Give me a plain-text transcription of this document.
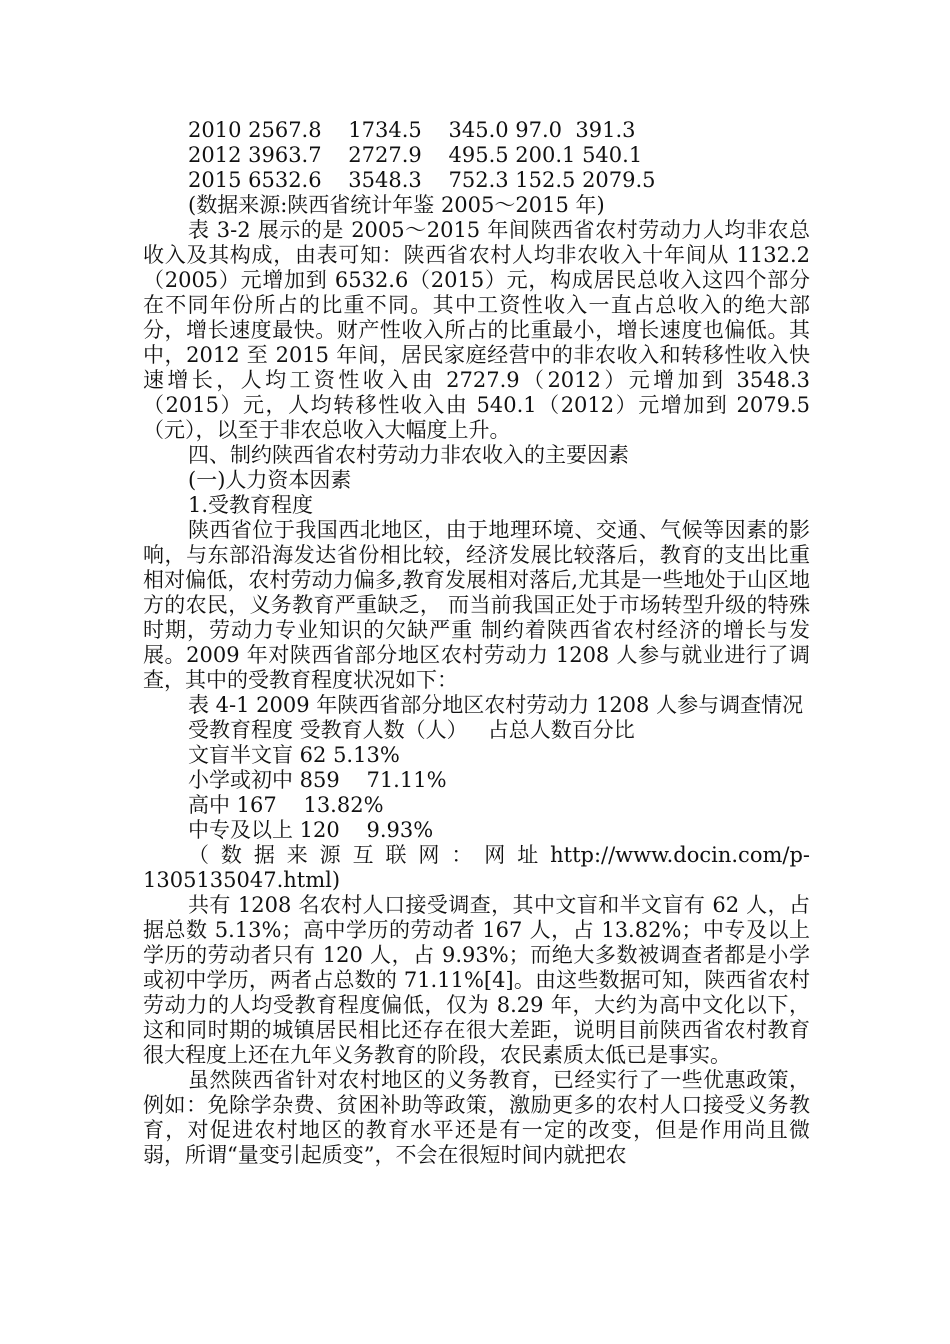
2010 2567.8    1734.5    345.0 97.0  391.3
2012 3963.7    2727.9    495.5 200.1 540.1
2015 6532.6    3548.3    752.3 152.5 2079.5
(数据来源:陕西省统计年鉴 2005～2015 年)

表 3-2 展示的是 2005～2015 年间陕西省农村劳动力人均非农总收入及其构成，由表可知：陕西省农村人均非农收入十年间从 1132.2（2005）元增加到 6532.6（2015）元，构成居民总收入这四个部分在不同年份所占的比重不同。其中工资性收入一直占总收入的绝大部分，增长速度最快。财产性收入所占的比重最小，增长速度也偏低。其中，2012 至 2015 年间，居民家庭经营中的非农收入和转移性收入快速增长，人均工资性收入由 2727.9（2012）元增加到 3548.3（2015）元，人均转移性收入由 540.1（2012）元增加到 2079.5（元），以至于非农总收入大幅度上升。

四、制约陕西省农村劳动力非农收入的主要因素
(一)人力资本因素
1.受教育程度

陕西省位于我国西北地区，由于地理环境、交通、气候等因素的影响，与东部沿海发达省份相比较，经济发展比较落后，教育的支出比重相对偏低，农村劳动力偏多,教育发展相对落后,尤其是一些地处于山区地方的农民，义务教育严重缺乏， 而当前我国正处于市场转型升级的特殊时期，劳动力专业知识的欠缺严重 制约着陕西省农村经济的增长与发展。2009 年对陕西省部分地区农村劳动力 1208 人参与就业进行了调查，其中的受教育程度状况如下：

表 4-1 2009 年陕西省部分地区农村劳动力 1208 人参与调查情况

受教育程度 受教育人数（人）   占总人数百分比
文盲半文盲 62 5.13%
小学或初中 859    71.11%
高中 167    13.82%
中专及以上 120    9.93%

（ 数 据 来 源 互 联 网 ： 网 址 http://www.docin.com/p-1305135047.html)

共有 1208 名农村人口接受调查，其中文盲和半文盲有 62 人，占据总数 5.13%；高中学历的劳动者 167 人，占 13.82%；中专及以上学历的劳动者只有 120 人，占 9.93%；而绝大多数被调查者都是小学或初中学历，两者占总数的 71.11%[4]。由这些数据可知，陕西省农村劳动力的人均受教育程度偏低，仅为 8.29 年，大约为高中文化以下，这和同时期的城镇居民相比还存在很大差距，说明目前陕西省农村教育很大程度上还在九年义务教育的阶段，农民素质太低已是事实。

虽然陕西省针对农村地区的义务教育，已经实行了一些优惠政策，例如：免除学杂费、贫困补助等政策，激励更多的农村人口接受义务教育，对促进农村地区的教育水平还是有一定的改变，但是作用尚且微弱，所谓“量变引起质变”，不会在很短时间内就把农
